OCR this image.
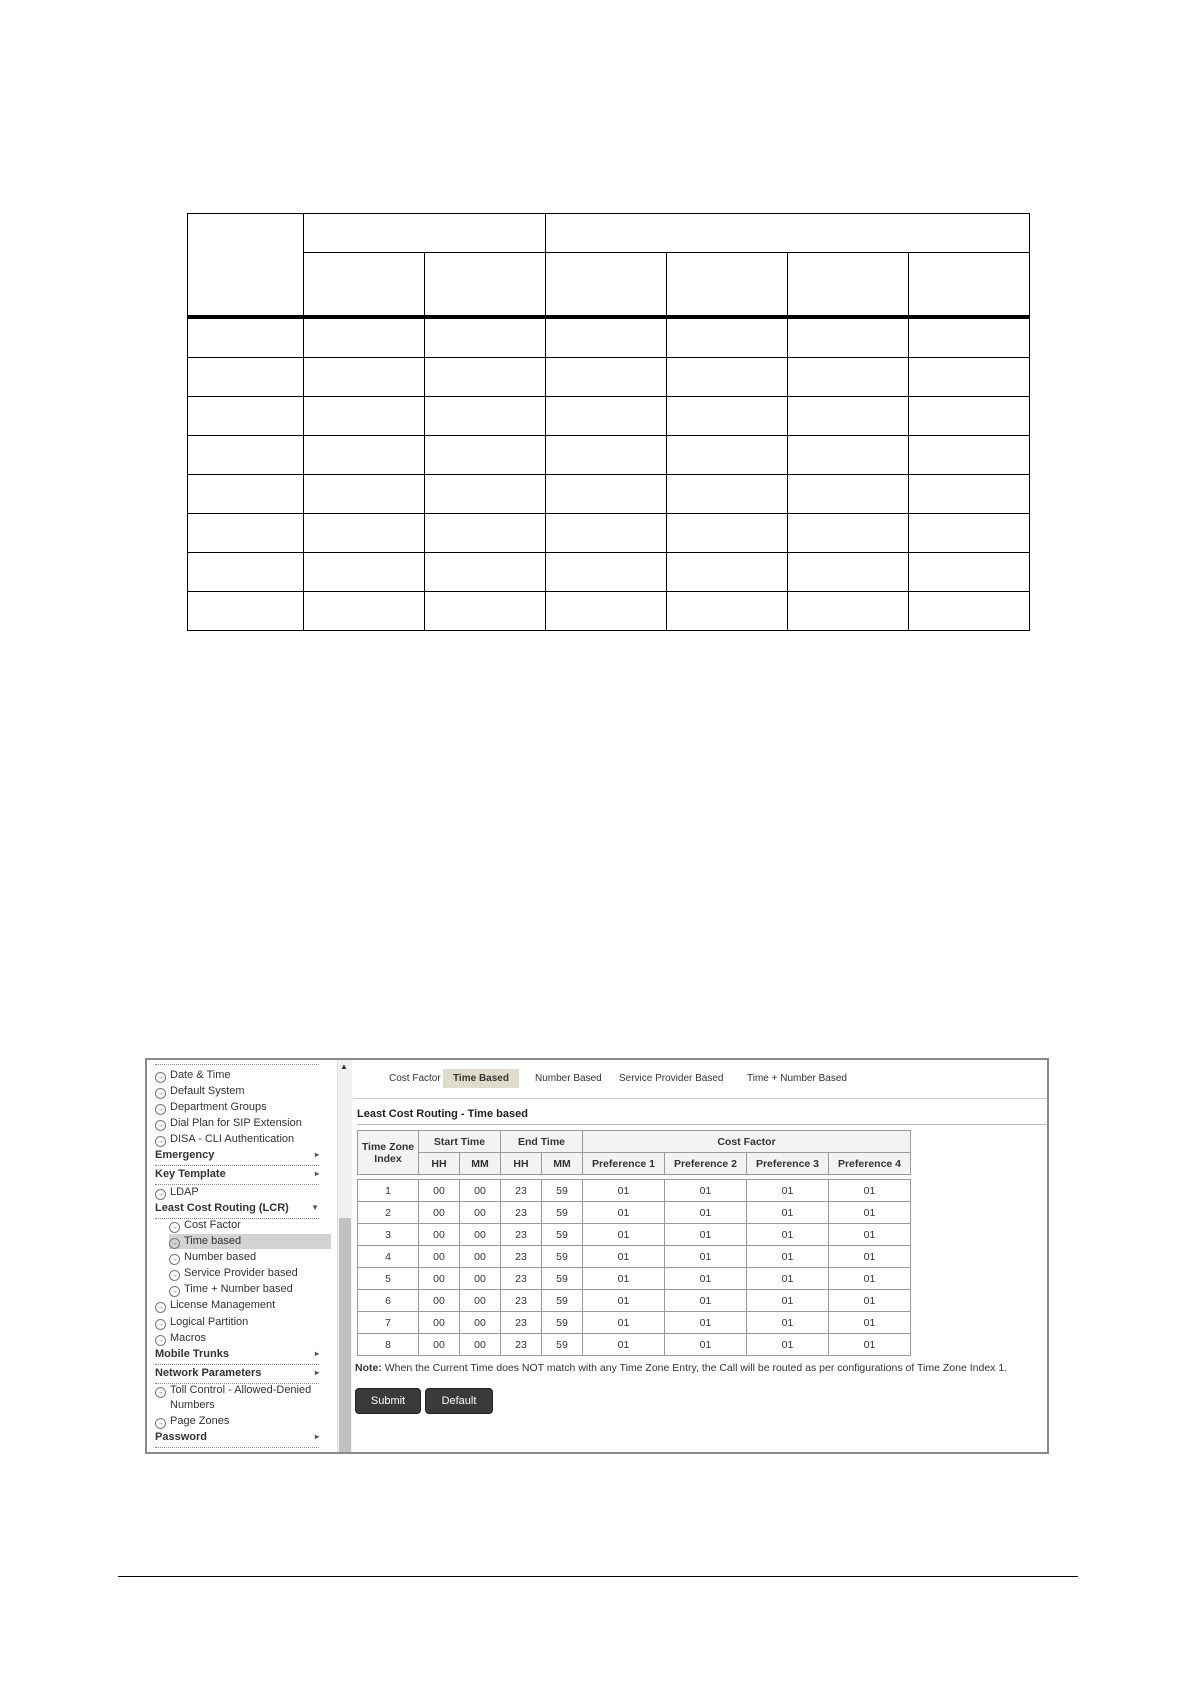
→ Date & Time
→ Default System
→ Department Groups
→ Dial Plan for SIP Extension
→ DISA - CLI Authentication
Emergency	▸
Key Template	▸
→ LDAP
Least Cost Routing (LCR)	▼
→ Cost Factor
→ Time based
→ Number based
→ Service Provider based
→ Time + Number based
→ License Management
→ Logical Partition
→ Macros
Mobile Trunks	▸
Network Parameters	▸
→ Toll Control - Allowed-Denied
Numbers
→ Page Zones
Password	▸
▲
Cost Factor	Time Based	Number Based	Service Provider Based	Time + Number Based
Least Cost Routing - Time based
Time Zone Index	Start Time		End Time		Cost Factor			
	HH	MM	HH	MM	Preference 1	Preference 2	Preference 3	Preference 4

1	00	00	23	59	01	01	01	01
2	00	00	23	59	01	01	01	01
3	00	00	23	59	01	01	01	01
4	00	00	23	59	01	01	01	01
5	00	00	23	59	01	01	01	01
6	00	00	23	59	01	01	01	01
7	00	00	23	59	01	01	01	01
8	00	00	23	59	01	01	01	01
Note: When the Current Time does NOT match with any Time Zone Entry, the Call will be routed as per configurations of Time Zone Index 1.
Submit	Default
